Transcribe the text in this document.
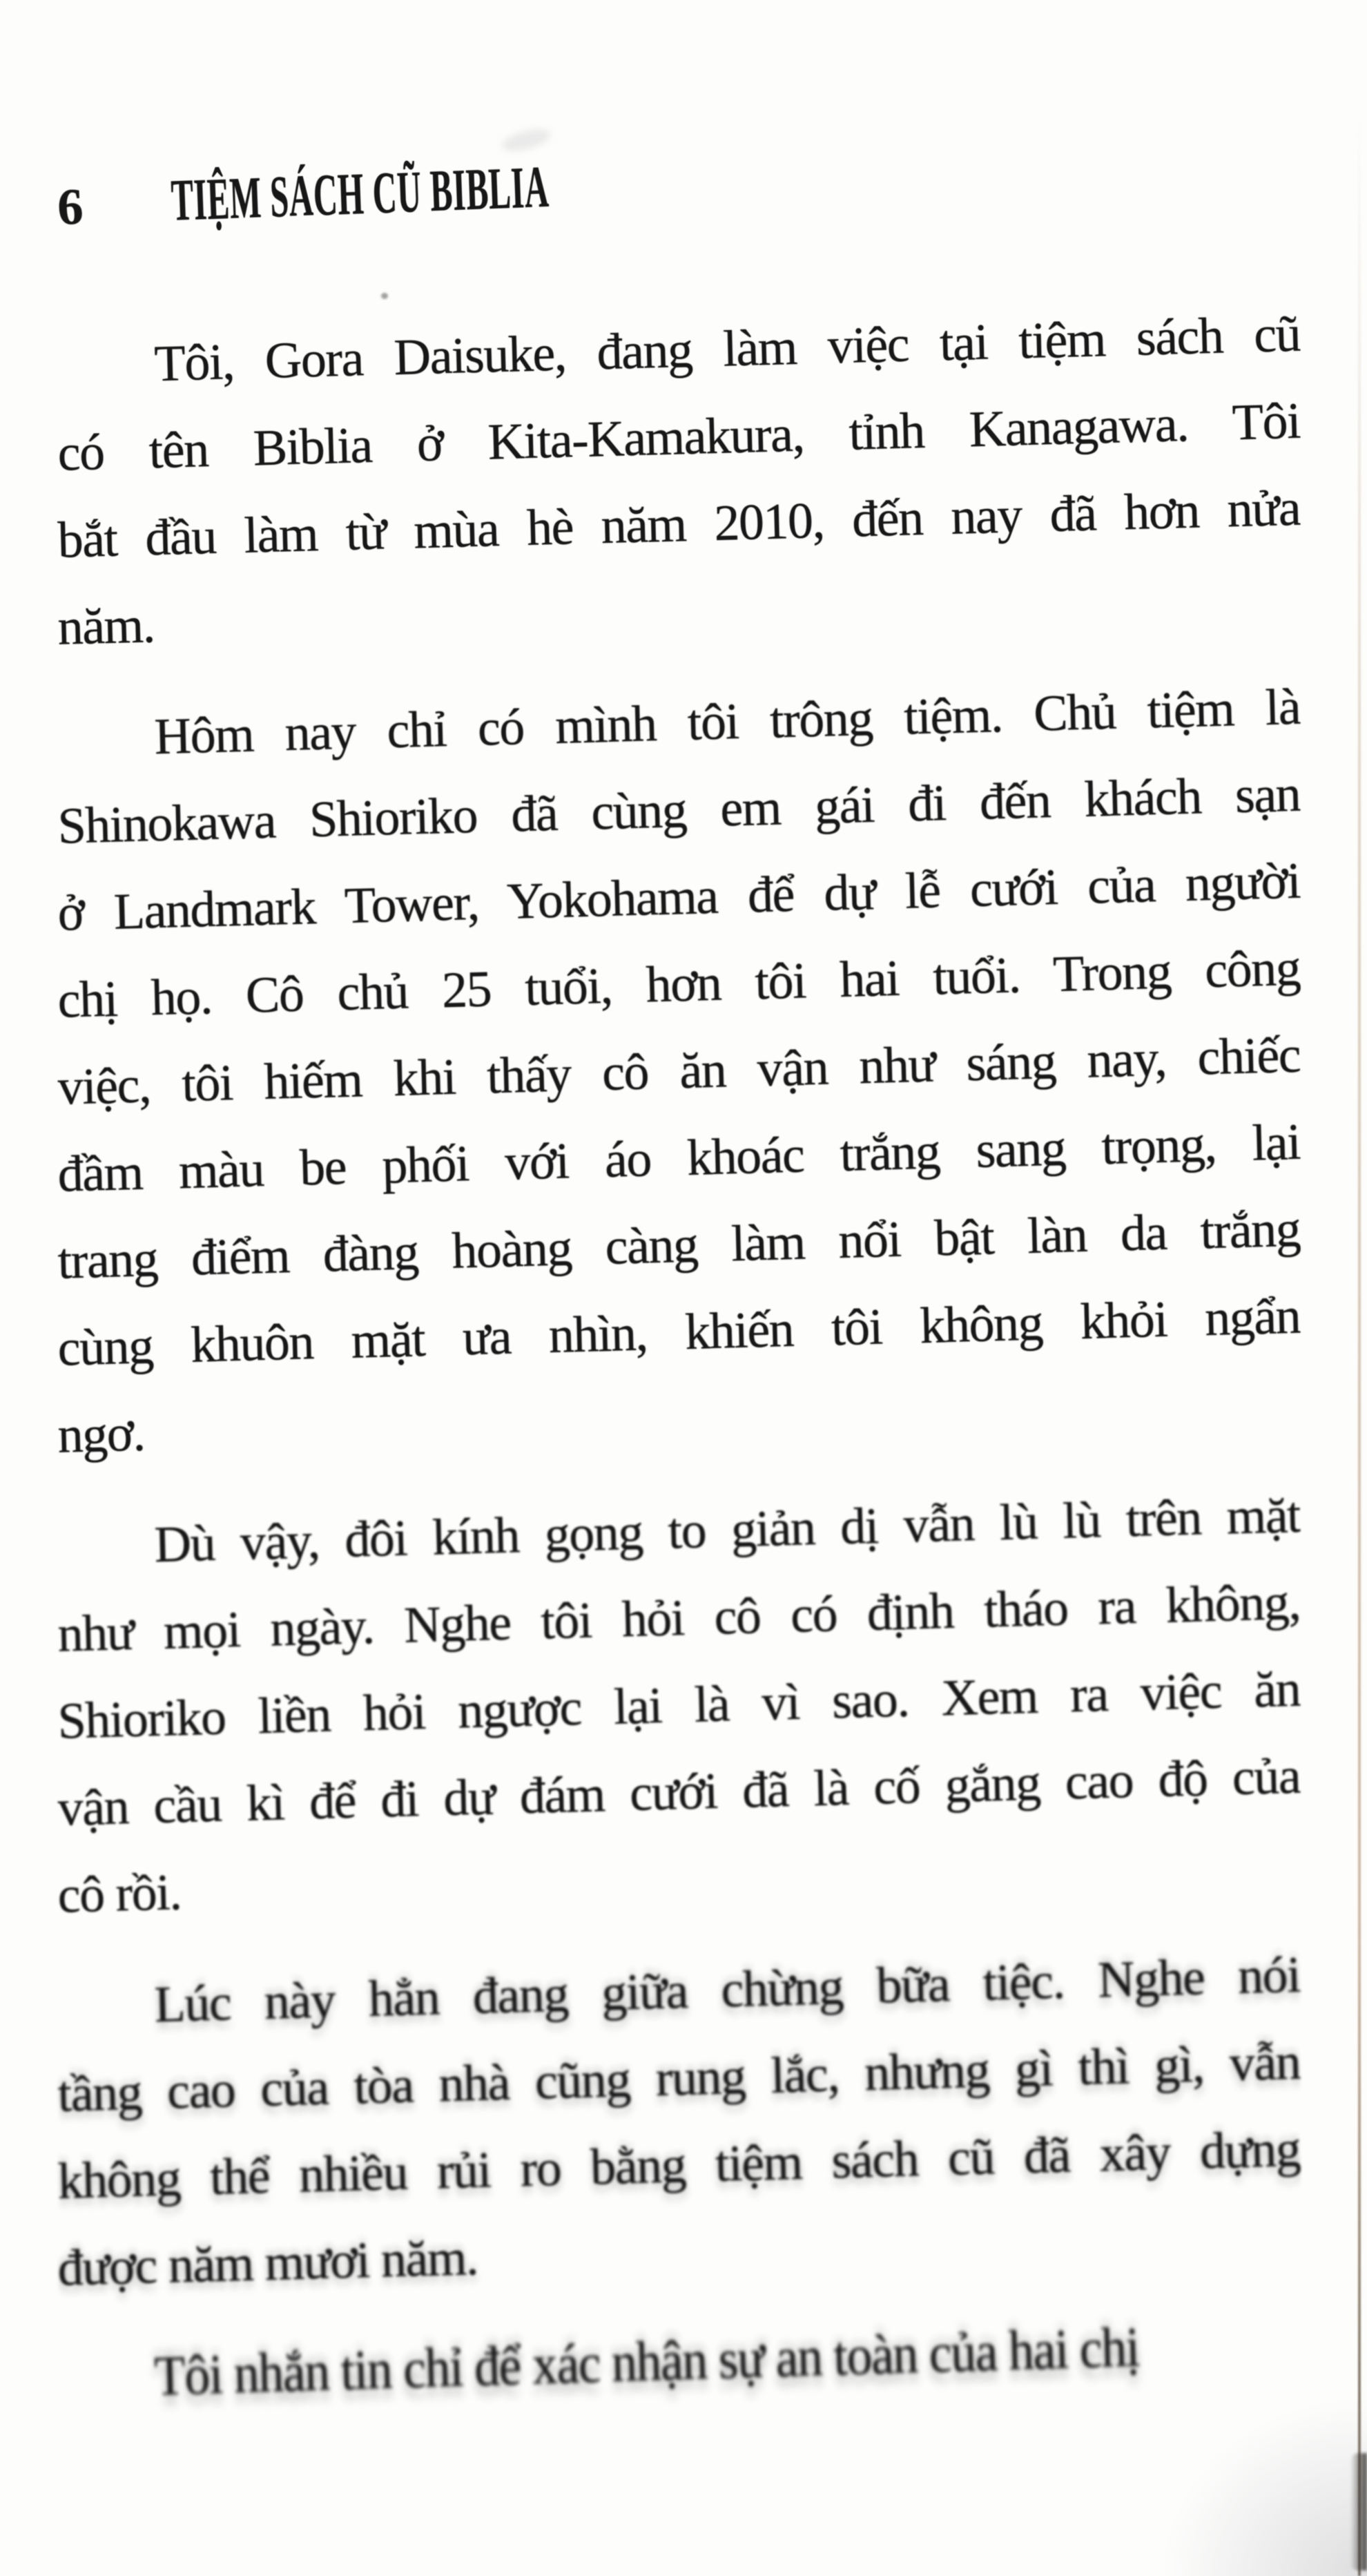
6 TIỆM SÁCH CŨ BIBLIA

Tôi, Gora Daisuke, đang làm việc tại tiệm sách cũ
có tên Biblia ở Kita-Kamakura, tỉnh Kanagawa. Tôi
bắt đầu làm từ mùa hè năm 2010, đến nay đã hơn nửa
năm.

Hôm nay chỉ có mình tôi trông tiệm. Chủ tiệm là
Shinokawa Shioriko đã cùng em gái đi đến khách sạn
ở Landmark Tower, Yokohama để dự lễ cưới của người
chị họ. Cô chủ 25 tuổi, hơn tôi hai tuổi. Trong công
việc, tôi hiếm khi thấy cô ăn vận như sáng nay, chiếc
đầm màu be phối với áo khoác trắng sang trọng, lại
trang điểm đàng hoàng càng làm nổi bật làn da trắng
cùng khuôn mặt ưa nhìn, khiến tôi không khỏi ngẩn
ngơ.

Dù vậy, đôi kính gọng to giản dị vẫn lù lù trên mặt
như mọi ngày. Nghe tôi hỏi cô có định tháo ra không,
Shioriko liền hỏi ngược lại là vì sao. Xem ra việc ăn
vận cầu kì để đi dự đám cưới đã là cố gắng cao độ của
cô rồi.

Lúc này hẳn đang giữa chừng bữa tiệc. Nghe nói
tầng cao của tòa nhà cũng rung lắc, nhưng gì thì gì, vẫn
không thể nhiều rủi ro bằng tiệm sách cũ đã xây dựng
được năm mươi năm.

Tôi nhắn tin chỉ để xác nhận sự an toàn của hai chị
